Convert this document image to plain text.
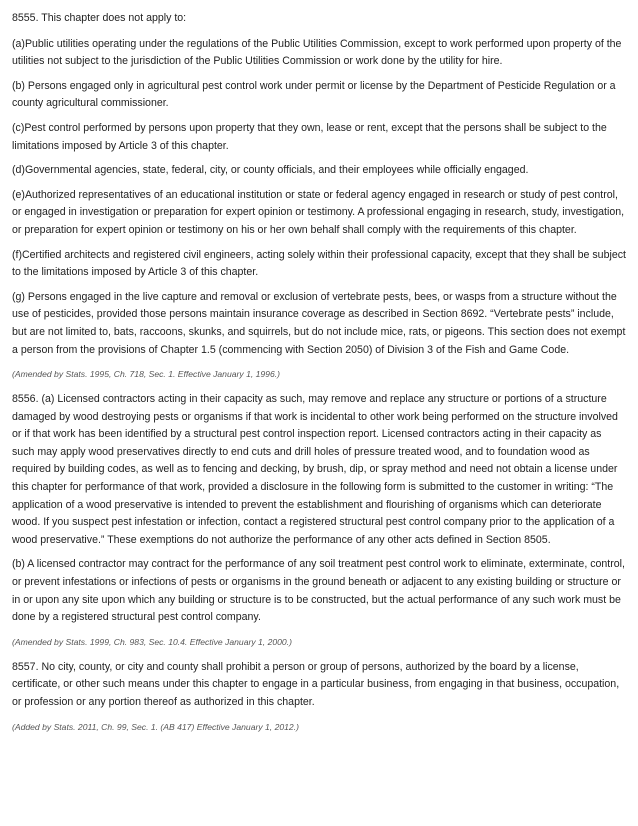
8555. This chapter does not apply to:

(a)Public utilities operating under the regulations of the Public Utilities Commission, except to work performed upon property of the utilities not subject to the jurisdiction of the Public Utilities Commission or work done by the utility for hire.

(b) Persons engaged only in agricultural pest control work under permit or license by the Department of Pesticide Regulation or a county agricultural commissioner.

(c)Pest control performed by persons upon property that they own, lease or rent, except that the persons shall be subject to the limitations imposed by Article 3 of this chapter.

(d)Governmental agencies, state, federal, city, or county officials, and their employees while officially engaged.

(e)Authorized representatives of an educational institution or state or federal agency engaged in research or study of pest control, or engaged in investigation or preparation for expert opinion or testimony. A professional engaging in research, study, investigation, or preparation for expert opinion or testimony on his or her own behalf shall comply with the requirements of this chapter.

(f)Certified architects and registered civil engineers, acting solely within their professional capacity, except that they shall be subject to the limitations imposed by Article 3 of this chapter.

(g) Persons engaged in the live capture and removal or exclusion of vertebrate pests, bees, or wasps from a structure without the use of pesticides, provided those persons maintain insurance coverage as described in Section 8692. “Vertebrate pests” include, but are not limited to, bats, raccoons, skunks, and squirrels, but do not include mice, rats, or pigeons. This section does not exempt a person from the provisions of Chapter 1.5 (commencing with Section 2050) of Division 3 of the Fish and Game Code.

(Amended by Stats. 1995, Ch. 718, Sec. 1. Effective January 1, 1996.)

8556. (a) Licensed contractors acting in their capacity as such, may remove and replace any structure or portions of a structure damaged by wood destroying pests or organisms if that work is incidental to other work being performed on the structure involved or if that work has been identified by a structural pest control inspection report. Licensed contractors acting in their capacity as such may apply wood preservatives directly to end cuts and drill holes of pressure treated wood, and to foundation wood as required by building codes, as well as to fencing and decking, by brush, dip, or spray method and need not obtain a license under this chapter for performance of that work, provided a disclosure in the following form is submitted to the customer in writing: “The application of a wood preservative is intended to prevent the establishment and flourishing of organisms which can deteriorate wood. If you suspect pest infestation or infection, contact a registered structural pest control company prior to the application of a wood preservative.” These exemptions do not authorize the performance of any other acts defined in Section 8505.

(b) A licensed contractor may contract for the performance of any soil treatment pest control work to eliminate, exterminate, control, or prevent infestations or infections of pests or organisms in the ground beneath or adjacent to any existing building or structure or in or upon any site upon which any building or structure is to be constructed, but the actual performance of any such work must be done by a registered structural pest control company.

(Amended by Stats. 1999, Ch. 983, Sec. 10.4. Effective January 1, 2000.)

8557. No city, county, or city and county shall prohibit a person or group of persons, authorized by the board by a license, certificate, or other such means under this chapter to engage in a particular business, from engaging in that business, occupation, or profession or any portion thereof as authorized in this chapter.

(Added by Stats. 2011, Ch. 99, Sec. 1. (AB 417) Effective January 1, 2012.)
